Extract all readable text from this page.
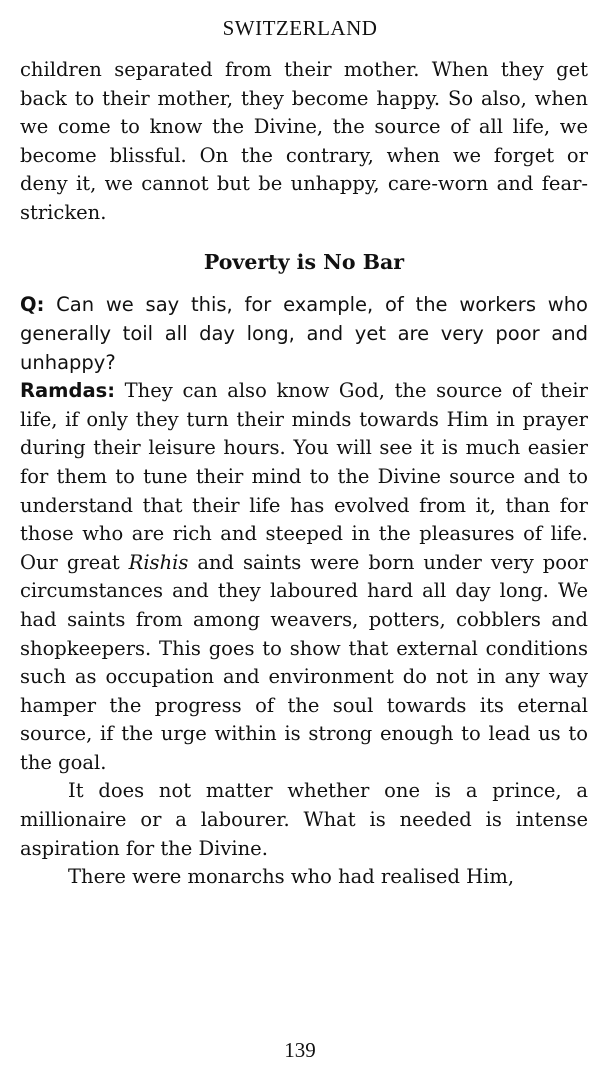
SWITZERLAND

children separated from their mother. When they get back to their mother, they become happy. So also, when we come to know the Divine, the source of all life, we become blissful. On the contrary, when we forget or deny it, we cannot but be unhappy, care-worn and fear-stricken.

Poverty is No Bar

Q: Can we say this, for example, of the workers who generally toil all day long, and yet are very poor and unhappy?

Ramdas: They can also know God, the source of their life, if only they turn their minds towards Him in prayer during their leisure hours. You will see it is much easier for them to tune their mind to the Divine source and to understand that their life has evolved from it, than for those who are rich and steeped in the pleasures of life. Our great Rishis and saints were born under very poor circumstances and they laboured hard all day long. We had saints from among weavers, potters, cobblers and shopkeepers. This goes to show that external conditions such as occupation and environment do not in any way hamper the progress of the soul towards its eternal source, if the urge within is strong enough to lead us to the goal.

It does not matter whether one is a prince, a millionaire or a labourer. What is needed is intense aspiration for the Divine.

There were monarchs who had realised Him,

139
